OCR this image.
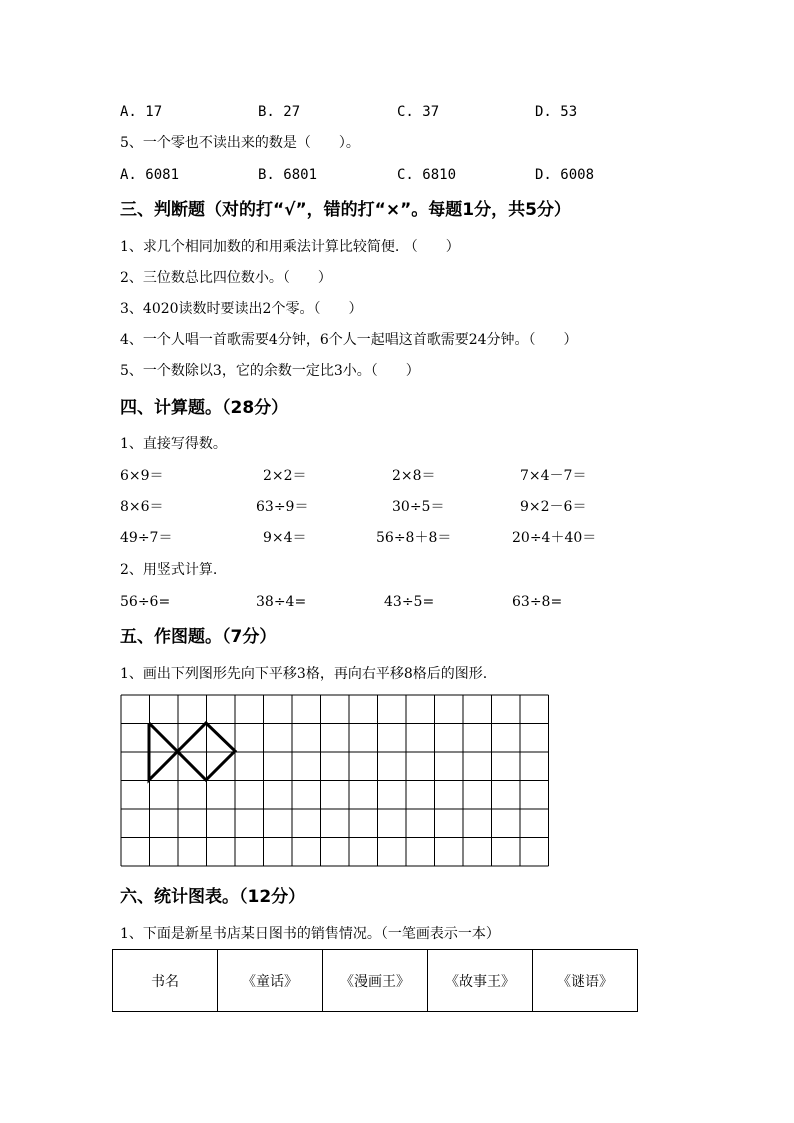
A. 17	B. 27	C. 37	D. 53
5、一个零也不读出来的数是（　　）。
A. 6081	B. 6801	C. 6810	D. 6008
三、判断题（对的打“√”，错的打“×”。每题1分，共5分）
1、求几个相同加数的和用乘法计算比较简便. （　　）
2、三位数总比四位数小。（　　）
3、4020读数时要读出2个零。（　　）
4、一个人唱一首歌需要4分钟，6个人一起唱这首歌需要24分钟。（　　）
5、一个数除以3，它的余数一定比3小。（　　）
四、计算题。（28分）
1、直接写得数。
6×9＝	2×2＝	2×8＝	7×4－7＝
8×6＝	63÷9＝	30÷5＝	9×2－6＝
49÷7＝	9×4＝	56÷8＋8＝	20÷4＋40＝
2、用竖式计算.
56÷6=	38÷4=	43÷5=	63÷8=
五、作图题。（7分）
1、画出下列图形先向下平移3格，再向右平移8格后的图形.
六、统计图表。（12分）
1、下面是新星书店某日图书的销售情况。（一笔画表示一本）
书名	《童话》	《漫画王》	《故事王》	《谜语》
